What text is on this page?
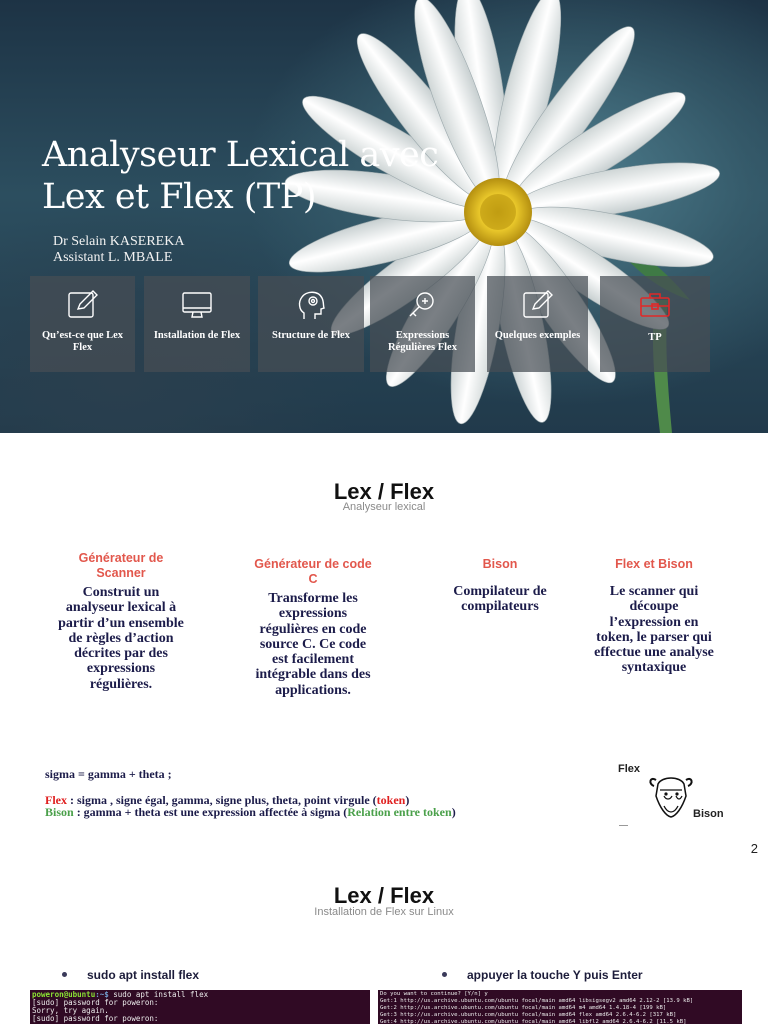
Analyseur Lexical avec
Lex et Flex (TP)
Dr Selain KASEREKA
Assistant L. MBALE
Qu’est-ce que Lex Flex
Installation de Flex	Structure de Flex	Expressions Régulières Flex
Quelques exemples	TP
Lex / Flex
Analyseur lexical
Générateur de Scanner
Construit un analyseur lexical à partir d’un ensemble de règles d’action décrites par des expressions régulières.
Générateur de code C
Transforme les expressions régulières en code source C. Ce code est facilement intégrable dans des applications.
Bison
Compilateur de compilateurs
Flex et Bison
Le scanner qui découpe l’expression en token, le parser qui effectue une analyse syntaxique
sigma = gamma + theta ;
Flex : sigma , signe égal, gamma, signe plus, theta, point virgule (token)
Bison : gamma + theta est une expression affectée à sigma (Relation entre token)
Flex
Bison
2
Lex / Flex
Installation de Flex sur Linux
sudo apt install flex	appuyer la touche Y puis Enter
poweron@ubuntu:~$ sudo apt install flex
[sudo] password for poweron:
Sorry, try again.
[sudo] password for poweron:
Do you want to continue? [Y/n] y
Get:1 http://us.archive.ubuntu.com/ubuntu focal/main amd64 libsigsegv2 amd64 2.12-2 [13.9 kB]
Get:2 http://us.archive.ubuntu.com/ubuntu focal/main amd64 m4 amd64 1.4.18-4 [199 kB]
Get:3 http://us.archive.ubuntu.com/ubuntu focal/main amd64 flex amd64 2.6.4-6.2 [317 kB]
Get:4 http://us.archive.ubuntu.com/ubuntu focal/main amd64 libfl2 amd64 2.6.4-6.2 [11.5 kB]
